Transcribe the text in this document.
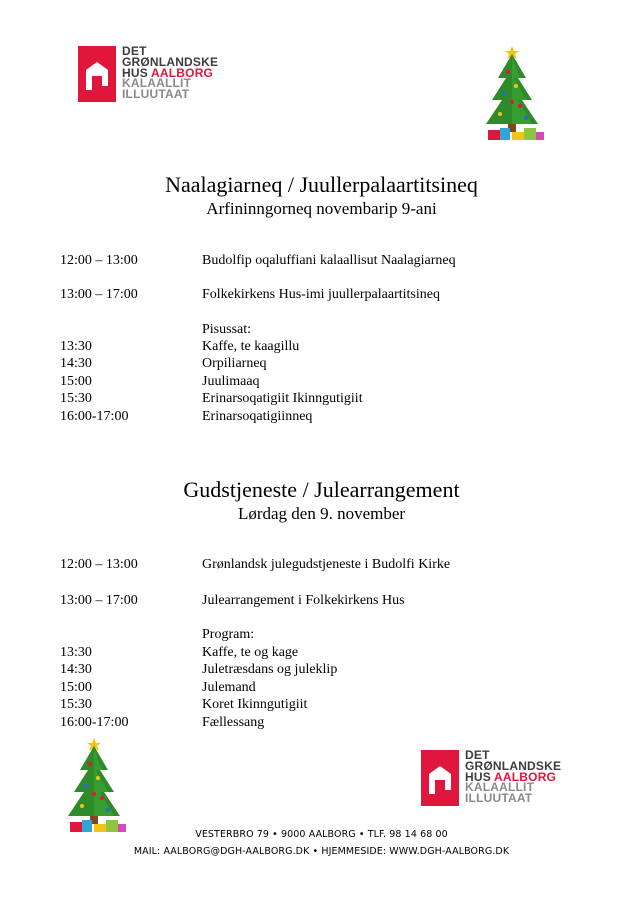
DET
GRØNLANDSKE
HUS AALBORG
KALAALLIT
ILLUUTAAT
Naalagiarneq / Juullerpalaartitsineq
Arfininngorneq novembarip 9-ani
12:00 – 13:00	Budolfip oqaluffiani kalaallisut Naalagiarneq
13:00 – 17:00	Folkekirkens Hus-imi juullerpalaartitsineq
Pisussat:
13:30	Kaffe, te kaagillu
14:30	Orpiliarneq
15:00	Juulimaaq
15:30	Erinarsoqatigiit Ikinngutigiit
16:00-17:00	Erinarsoqatigiinneq
Gudstjeneste / Julearrangement
Lørdag den 9. november
12:00 – 13:00	Grønlandsk julegudstjeneste i Budolfi Kirke
13:00 – 17:00	Julearrangement i Folkekirkens Hus
Program:
13:30	Kaffe, te og kage
14:30	Juletræsdans og juleklip
15:00	Julemand
15:30	Koret Ikinngutigiit
16:00-17:00	Fællessang
DET
GRØNLANDSKE
HUS AALBORG
KALAALLIT
ILLUUTAAT
VESTERBRO 79 • 9000 AALBORG • TLF. 98 14 68 00
MAIL: AALBORG@DGH-AALBORG.DK • HJEMMESIDE: WWW.DGH-AALBORG.DK
